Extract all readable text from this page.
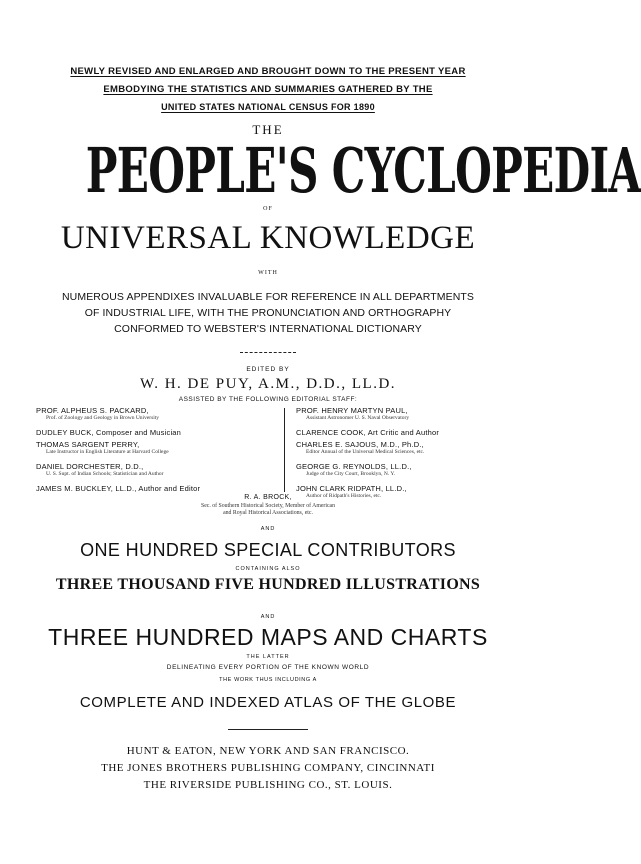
NEWLY REVISED AND ENLARGED AND BROUGHT DOWN TO THE PRESENT YEAR
EMBODYING THE STATISTICS AND SUMMARIES GATHERED BY THE
UNITED STATES NATIONAL CENSUS FOR 1890
THE
PEOPLE'S CYCLOPEDIA
OF
UNIVERSAL KNOWLEDGE
WITH
NUMEROUS APPENDIXES INVALUABLE FOR REFERENCE IN ALL DEPARTMENTS
OF INDUSTRIAL LIFE, WITH THE PRONUNCIATION AND ORTHOGRAPHY
CONFORMED TO WEBSTER'S INTERNATIONAL DICTIONARY
EDITED BY
W. H. DE PUY, A.M., D.D., LL.D.
ASSISTED BY THE FOLLOWING EDITORIAL STAFF:
PROF. ALPHEUS S. PACKARD,
Prof. of Zoology and Geology in Brown University
DUDLEY BUCK, Composer and Musician
THOMAS SARGENT PERRY,
Late Instructor in English Literature at Harvard College
DANIEL DORCHESTER, D.D.,
U. S. Supt. of Indian Schools; Statistician and Author
JAMES M. BUCKLEY, LL.D., Author and Editor
PROF. HENRY MARTYN PAUL,
Assistant Astronomer U. S. Naval Observatory
CLARENCE COOK, Art Critic and Author
CHARLES E. SAJOUS, M.D., Ph.D.,
Editor Annual of the Universal Medical Sciences, etc.
GEORGE G. REYNOLDS, LL.D.,
Judge of the City Court, Brooklyn, N. Y.
JOHN CLARK RIDPATH, LL.D.,
Author of Ridpath's Histories, etc.
R. A. BROCK,
Sec. of Southern Historical Society, Member of American
and Royal Historical Associations, etc.
AND
ONE HUNDRED SPECIAL CONTRIBUTORS
CONTAINING ALSO
THREE THOUSAND FIVE HUNDRED ILLUSTRATIONS
AND
THREE HUNDRED MAPS AND CHARTS
THE LATTER
DELINEATING EVERY PORTION OF THE KNOWN WORLD
THE WORK THUS INCLUDING A
COMPLETE AND INDEXED ATLAS OF THE GLOBE
HUNT & EATON, NEW YORK AND SAN FRANCISCO.
THE JONES BROTHERS PUBLISHING COMPANY, CINCINNATI
THE RIVERSIDE PUBLISHING CO., ST. LOUIS.
